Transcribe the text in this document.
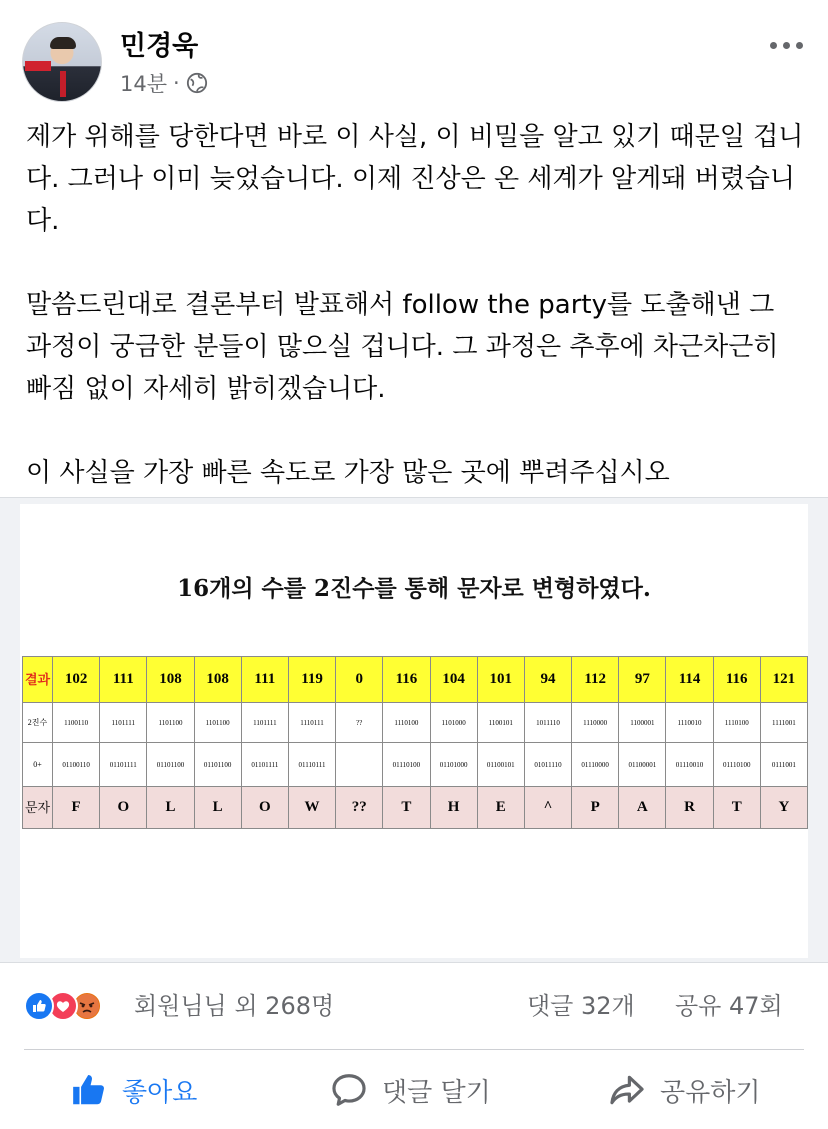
민경욱
14분 ·

제가 위해를 당한다면 바로 이 사실, 이 비밀을 알고 있기 때문일 겁니다. 그러나 이미 늦었습니다. 이제 진상은 온 세계가 알게돼 버렸습니다.

말씀드린대로 결론부터 발표해서 follow the party를 도출해낸 그 과정이 궁금한 분들이 많으실 겁니다. 그 과정은 추후에 차근차근히 빠짐 없이 자세히 밝히겠습니다.

이 사실을 가장 빠른 속도로 가장 많은 곳에 뿌려주십시오

16개의 수를 2진수를 통해 문자로 변형하였다.
결과	102	111	108	108	111	119	0	116	104	101	94	112	97	114	116	121
2진수	1100110	1101111	1101100	1101100	1101111	1110111	??	1110100	1101000	1100101	1011110	1110000	1100001	1110010	1110100	1111001
0+	01100110	01101111	01101100	01101100	01101111	01110111		01110100	01101000	01100101	01011110	01110000	01100001	01110010	01110100	0111001
문자	F	O	L	L	O	W	??	T	H	E	^	P	A	R	T	Y
회원님님 외 268명	댓글 32개 공유 47회
좋아요	댓글 달기	공유하기
